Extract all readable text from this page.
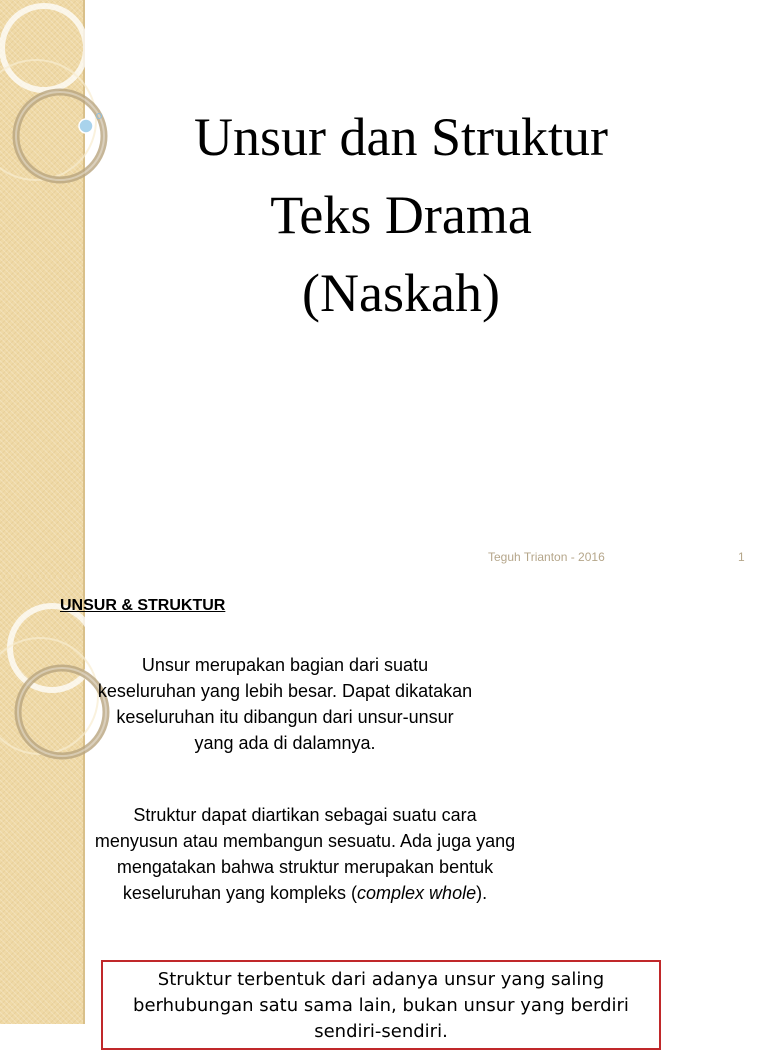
Unsur dan Struktur
Teks Drama
(Naskah)
Teguh Trianton - 2016	1
UNSUR & STRUKTUR
Unsur merupakan bagian dari suatu
keseluruhan yang lebih besar. Dapat dikatakan
keseluruhan itu dibangun dari unsur-unsur
yang ada di dalamnya.
Struktur dapat diartikan sebagai suatu cara
menyusun atau membangun sesuatu. Ada juga yang
mengatakan bahwa struktur merupakan bentuk
keseluruhan yang kompleks (complex whole).
Struktur terbentuk dari adanya unsur yang saling
berhubungan satu sama lain, bukan unsur yang berdiri
sendiri-sendiri.
